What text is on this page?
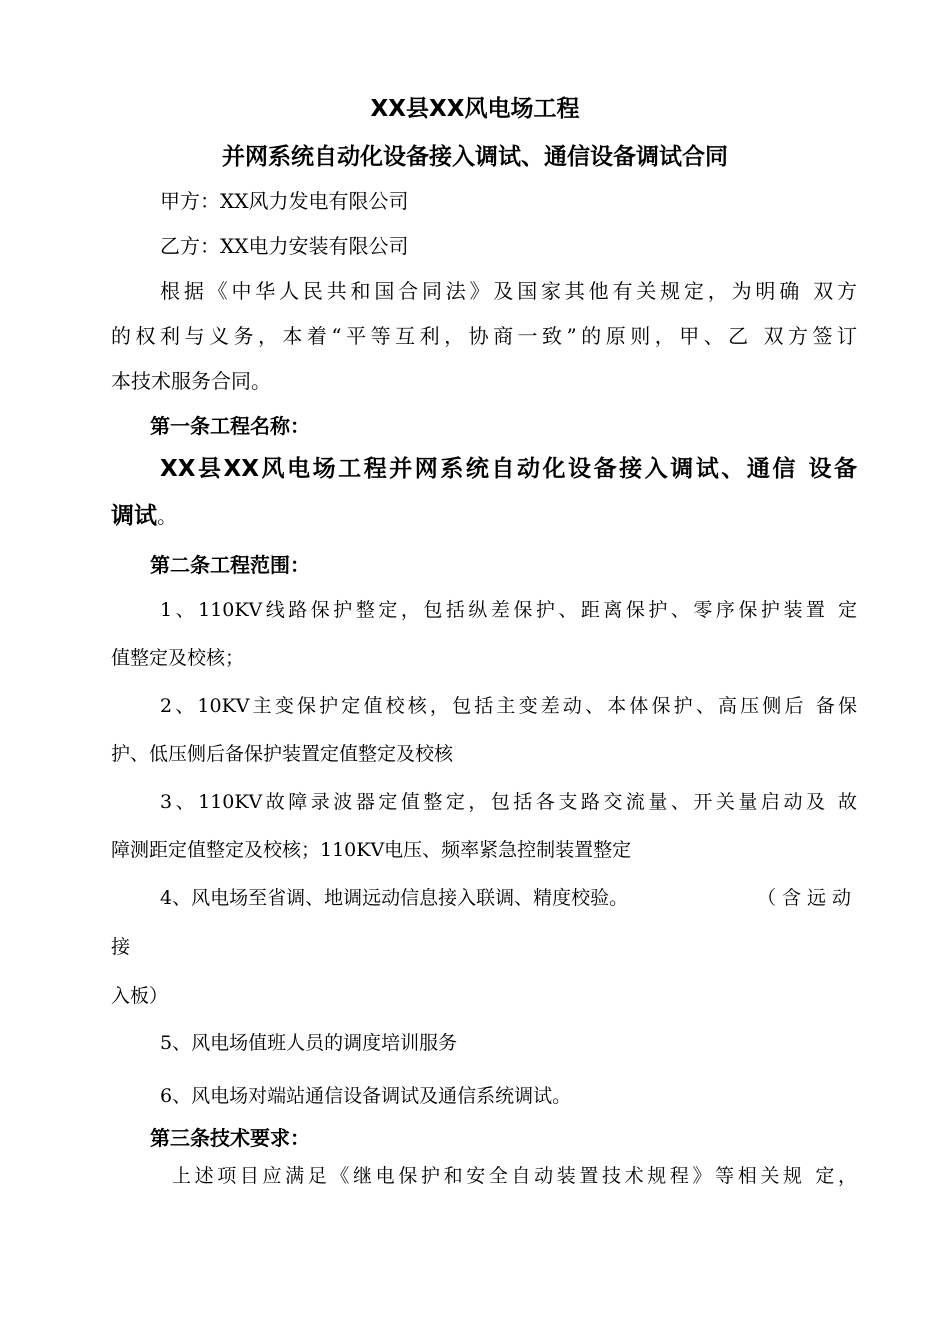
XX县XX风电场工程
并网系统自动化设备接入调试、通信设备调试合同
甲方：XX风力发电有限公司
乙方：XX电力安装有限公司
根据《中华人民共和国合同法》及国家其他有关规定，为明确 双方
的权利与义务，本着“平等互利，协商一致”的原则，甲、乙 双方签订
本技术服务合同。
第一条工程名称：
XX县XX风电场工程并网系统自动化设备接入调试、通信 设备
调试。
第二条工程范围：
1、110KV线路保护整定，包括纵差保护、距离保护、零序保护装置 定
值整定及校核；
2、10KV主变保护定值校核，包括主变差动、本体保护、高压侧后 备保
护、低压侧后备保护装置定值整定及校核
3、110KV故障录波器定值整定，包括各支路交流量、开关量启动及 故
障测距定值整定及校核；110KV电压、频率紧急控制装置整定
4、风电场至省调、地调远动信息接入联调、精度校验。	（含远动
接
入板）
5、风电场值班人员的调度培训服务
6、风电场对端站通信设备调试及通信系统调试。
第三条技术要求：
上述项目应满足《继电保护和安全自动装置技术规程》等相关规 定，
